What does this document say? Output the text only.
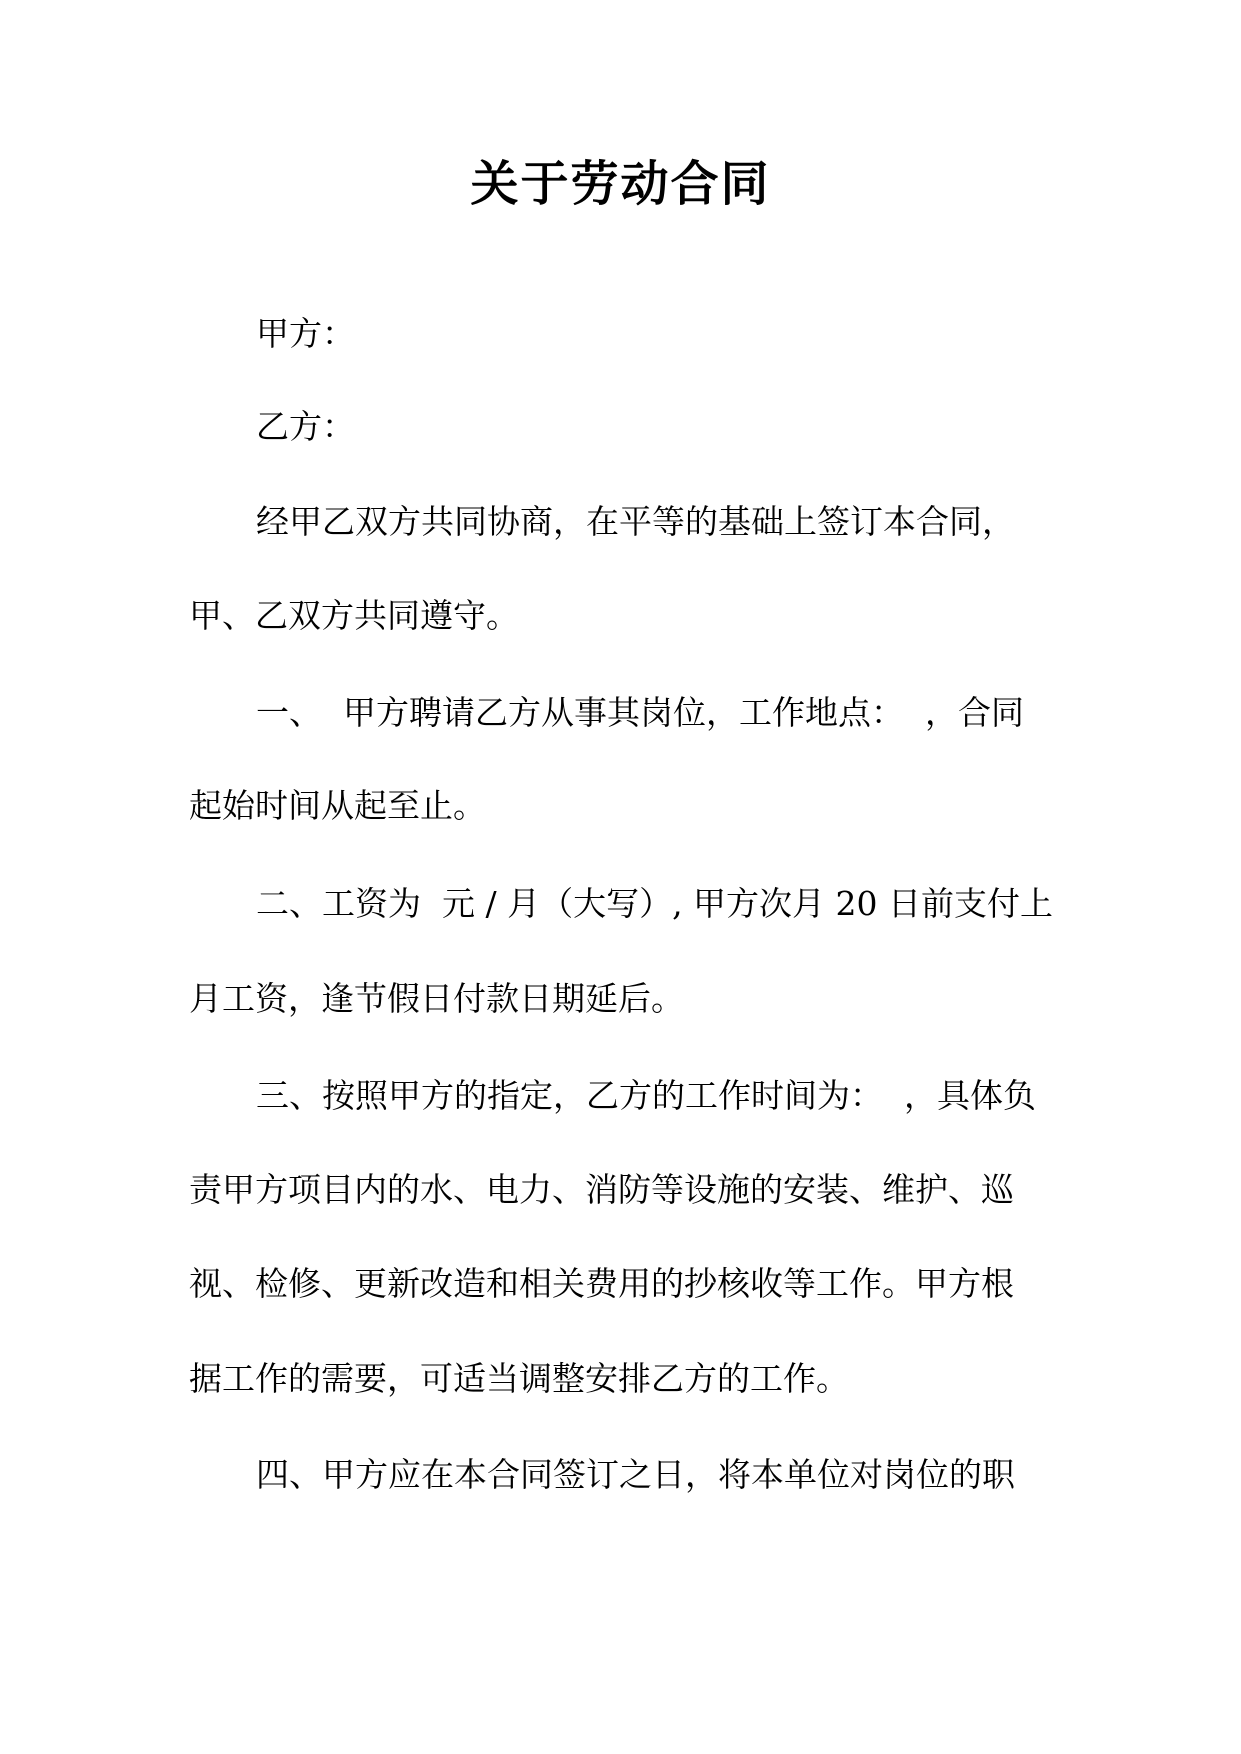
关于劳动合同

甲方：

乙方：

经甲乙双方共同协商，在平等的基础上签订本合同，

甲、乙双方共同遵守。

一、  甲方聘请乙方从事其岗位，工作地点：  ，合同

起始时间从起至止。

二、工资为  元 / 月（大写）, 甲方次月 20 日前支付上

月工资，逢节假日付款日期延后。

三、按照甲方的指定，乙方的工作时间为：  ，具体负

责甲方项目内的水、电力、消防等设施的安装、维护、巡

视、检修、更新改造和相关费用的抄核收等工作。甲方根

据工作的需要，可适当调整安排乙方的工作。

四、甲方应在本合同签订之日，将本单位对岗位的职
